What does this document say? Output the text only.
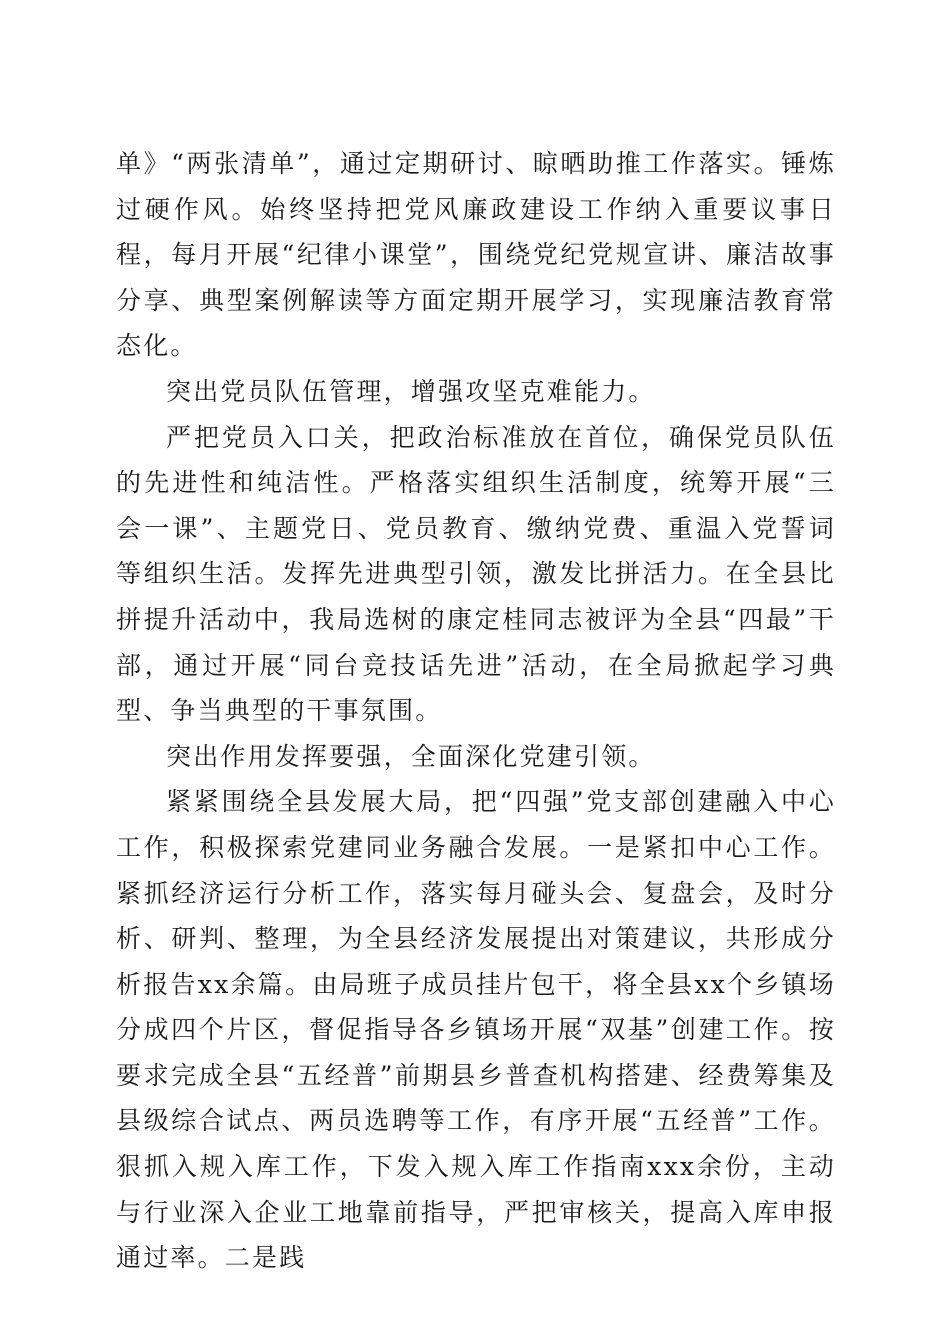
单》“两张清单”，通过定期研讨、晾晒助推工作落实。锤炼过硬作风。始终坚持把党风廉政建设工作纳入重要议事日程，每月开展“纪律小课堂”，围绕党纪党规宣讲、廉洁故事分享、典型案例解读等方面定期开展学习，实现廉洁教育常态化。

突出党员队伍管理，增强攻坚克难能力。

严把党员入口关，把政治标准放在首位，确保党员队伍的先进性和纯洁性。严格落实组织生活制度，统筹开展“三会一课”、主题党日、党员教育、缴纳党费、重温入党誓词等组织生活。发挥先进典型引领，激发比拼活力。在全县比拼提升活动中，我局选树的康定桂同志被评为全县“四最”干部，通过开展“同台竞技话先进”活动，在全局掀起学习典型、争当典型的干事氛围。

突出作用发挥要强，全面深化党建引领。

紧紧围绕全县发展大局，把“四强”党支部创建融入中心工作，积极探索党建同业务融合发展。一是紧扣中心工作。紧抓经济运行分析工作，落实每月碰头会、复盘会，及时分析、研判、整理，为全县经济发展提出对策建议，共形成分析报告xx余篇。由局班子成员挂片包干，将全县xx个乡镇场分成四个片区，督促指导各乡镇场开展“双基”创建工作。按要求完成全县“五经普”前期县乡普查机构搭建、经费筹集及县级综合试点、两员选聘等工作，有序开展“五经普”工作。狠抓入规入库工作，下发入规入库工作指南xxx余份，主动与行业深入企业工地靠前指导，严把审核关，提高入库申报通过率。二是践
